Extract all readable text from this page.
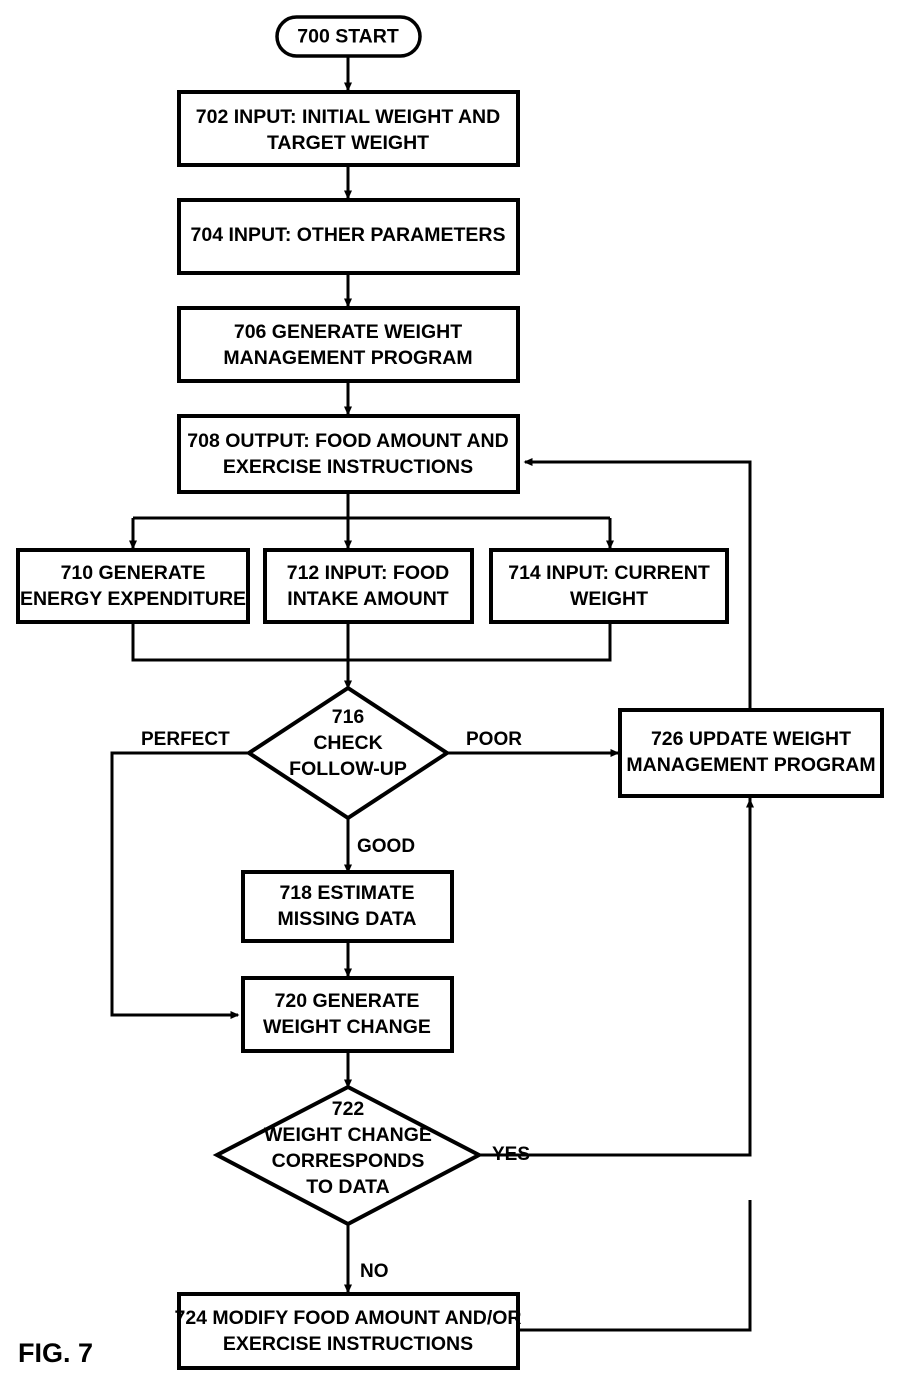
700 START
702 INPUT: INITIAL WEIGHT AND
TARGET WEIGHT
704 INPUT: OTHER PARAMETERS
706 GENERATE WEIGHT
MANAGEMENT PROGRAM
708 OUTPUT: FOOD AMOUNT AND
EXERCISE INSTRUCTIONS
710 GENERATE
ENERGY EXPENDITURE
712 INPUT: FOOD
INTAKE AMOUNT
714 INPUT: CURRENT
WEIGHT
716
CHECK
FOLLOW-UP
718 ESTIMATE
MISSING DATA
720 GENERATE
WEIGHT CHANGE
722
WEIGHT CHANGE
CORRESPONDS
TO DATA
724 MODIFY FOOD AMOUNT AND/OR
EXERCISE INSTRUCTIONS
726 UPDATE WEIGHT
MANAGEMENT PROGRAM
PERFECT	POOR
GOOD
YES
NO
FIG. 7
